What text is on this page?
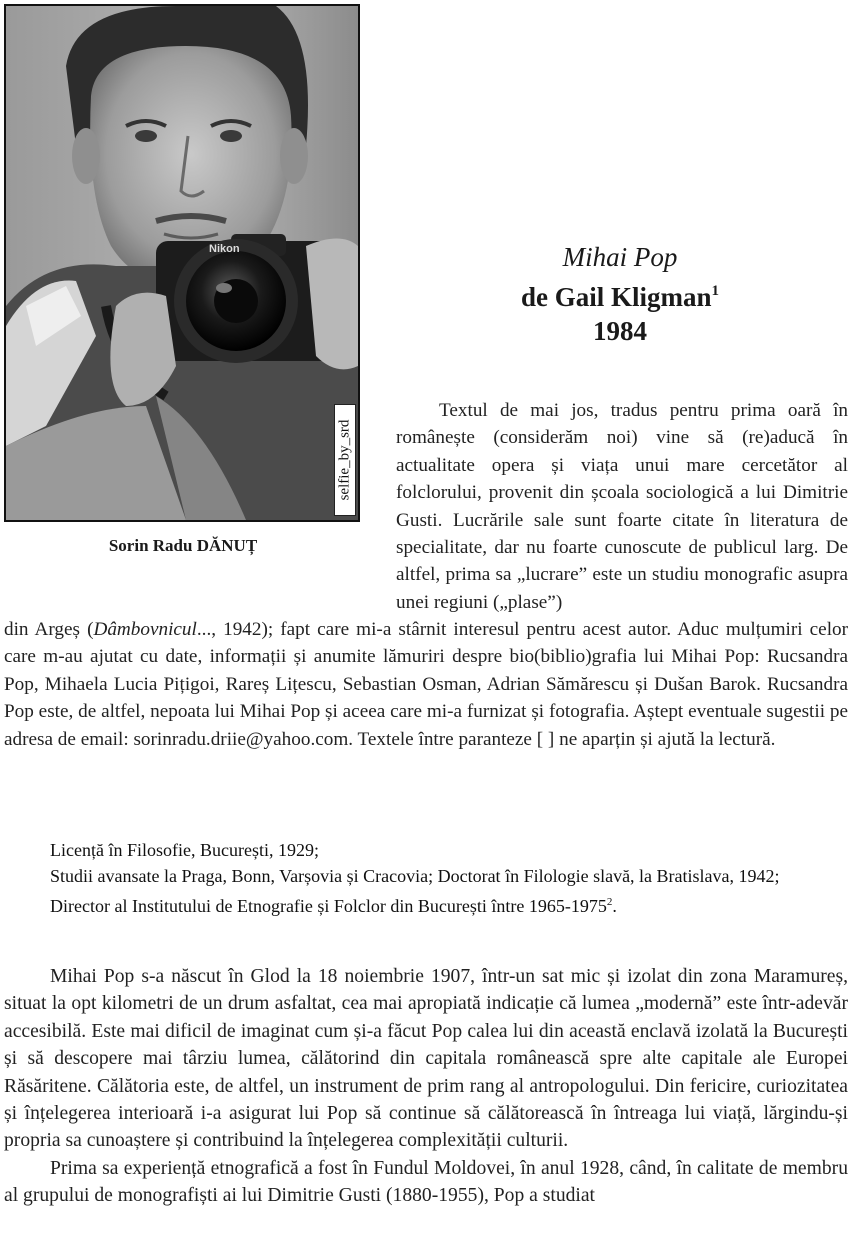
Nikon
selfie_by_srd
Sorin Radu DĂNUȚ
Mihai Pop
de Gail Kligman$^1$
1984

Textul de mai jos, tradus pentru prima oară în românește (considerăm noi) vine să (re)aducă în actualitate opera și viața unui mare cercetător al folclorului, provenit din școala sociologică a lui Dimitrie Gusti. Lucrările sale sunt foarte citate în literatura de specialitate, dar nu foarte cunoscute de publicul larg. De altfel, prima sa „lucrare” este un studiu monografic asupra unei regiuni („plase”)

din Argeș (Dâmbovnicul..., 1942); fapt care mi-a stârnit interesul pentru acest autor. Aduc mulțumiri celor care m-au ajutat cu date, informații și anumite lămuriri despre bio(biblio)grafia lui Mihai Pop: Rucsandra Pop, Mihaela Lucia Pițigoi, Rareș Lițescu, Sebastian Osman, Adrian Sămărescu și Dušan Barok. Rucsandra Pop este, de altfel, nepoata lui Mihai Pop și aceea care mi-a furnizat și fotografia. Aștept eventuale sugestii pe adresa de email: sorinradu.driie@yahoo.com. Textele între paranteze [ ] ne aparțin și ajută la lectură.

Licență în Filosofie, București, 1929;

Studii avansate la Praga, Bonn, Varșovia și Cracovia; Doctorat în Filologie slavă, la Bratislava, 1942;

Director al Institutului de Etnografie și Folclor din București între 1965-1975$^2$.

Mihai Pop s-a născut în Glod la 18 noiembrie 1907, într-un sat mic și izolat din zona Maramureș, situat la opt kilometri de un drum asfaltat, cea mai apropiată indicație că lumea „modernă” este într-adevăr accesibilă. Este mai dificil de imaginat cum și-a făcut Pop calea lui din această enclavă izolată la București și să descopere mai târziu lumea, călătorind din capitala românească spre alte capitale ale Europei Răsăritene. Călătoria este, de altfel, un instrument de prim rang al antropologului. Din fericire, curiozitatea și înțelegerea interioară i-a asigurat lui Pop să continue să călătorească în întreaga lui viață, lărgindu-și propria sa cunoaștere și contribuind la înțelegerea complexității culturii.

Prima sa experiență etnografică a fost în Fundul Moldovei, în anul 1928, când, în calitate de membru al grupului de monografiști ai lui Dimitrie Gusti (1880-1955), Pop a studiat
